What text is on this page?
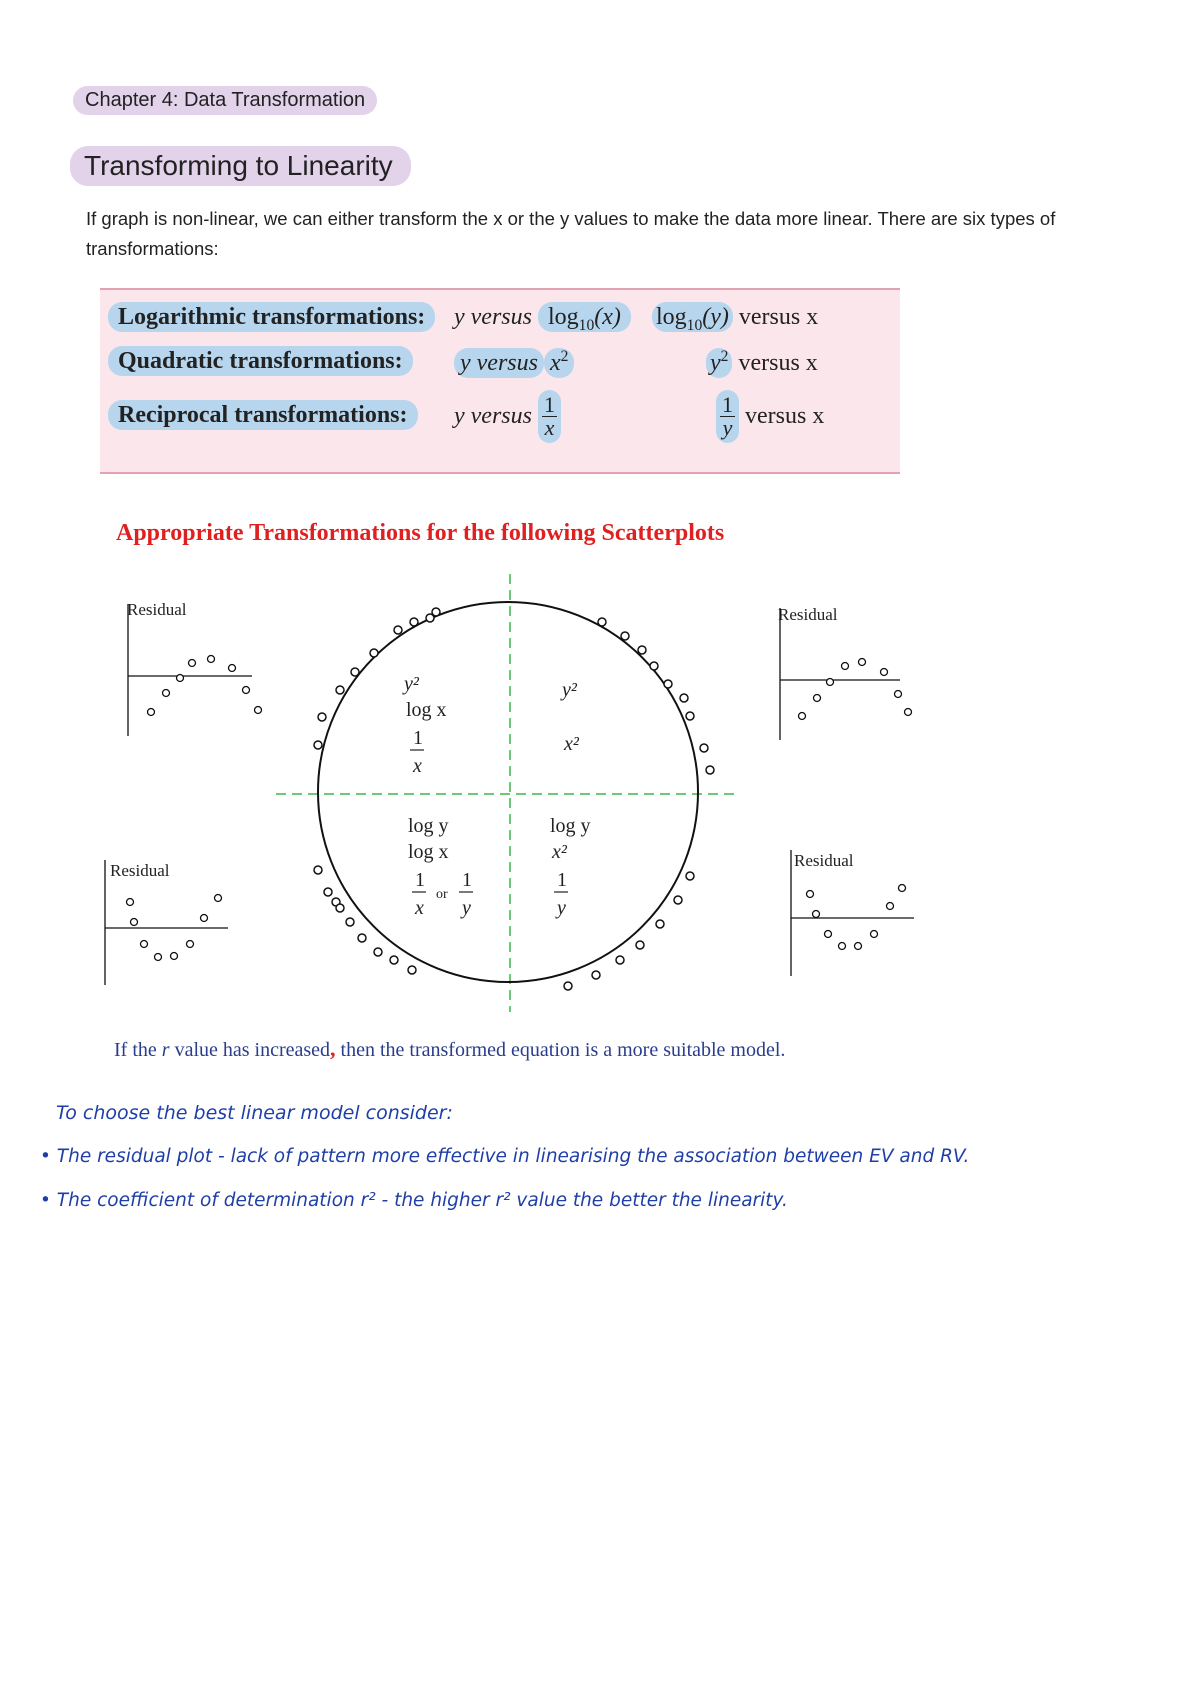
Chapter 4: Data Transformation
Transforming to Linearity
If graph is non-linear, we can either transform the x or the y values to make the data more linear. There are six types of transformations:
Logarithmic transformations:	y versus $\log_{10}(x)$	$\log_{10}(y)$ versus x
Quadratic transformations:	y versus $x^2$	$y^2$ versus x
Reciprocal transformations:	y versus $\frac{1}{x}$	$\frac{1}{y}$ versus x
Appropriate Transformations for the following Scatterplots
y²
log x
1
x
y²
x²
log y
log x
1
x
or
1
y
log y
x²
1
y
Residual	Residual
Residual
Residual
If the r value has increased, then the transformed equation is a more suitable model.
To choose the best linear model consider:
• The residual plot - lack of pattern more effective in linearising the association between EV and RV.
• The coefficient of determination r² - the higher r² value the better the linearity.
